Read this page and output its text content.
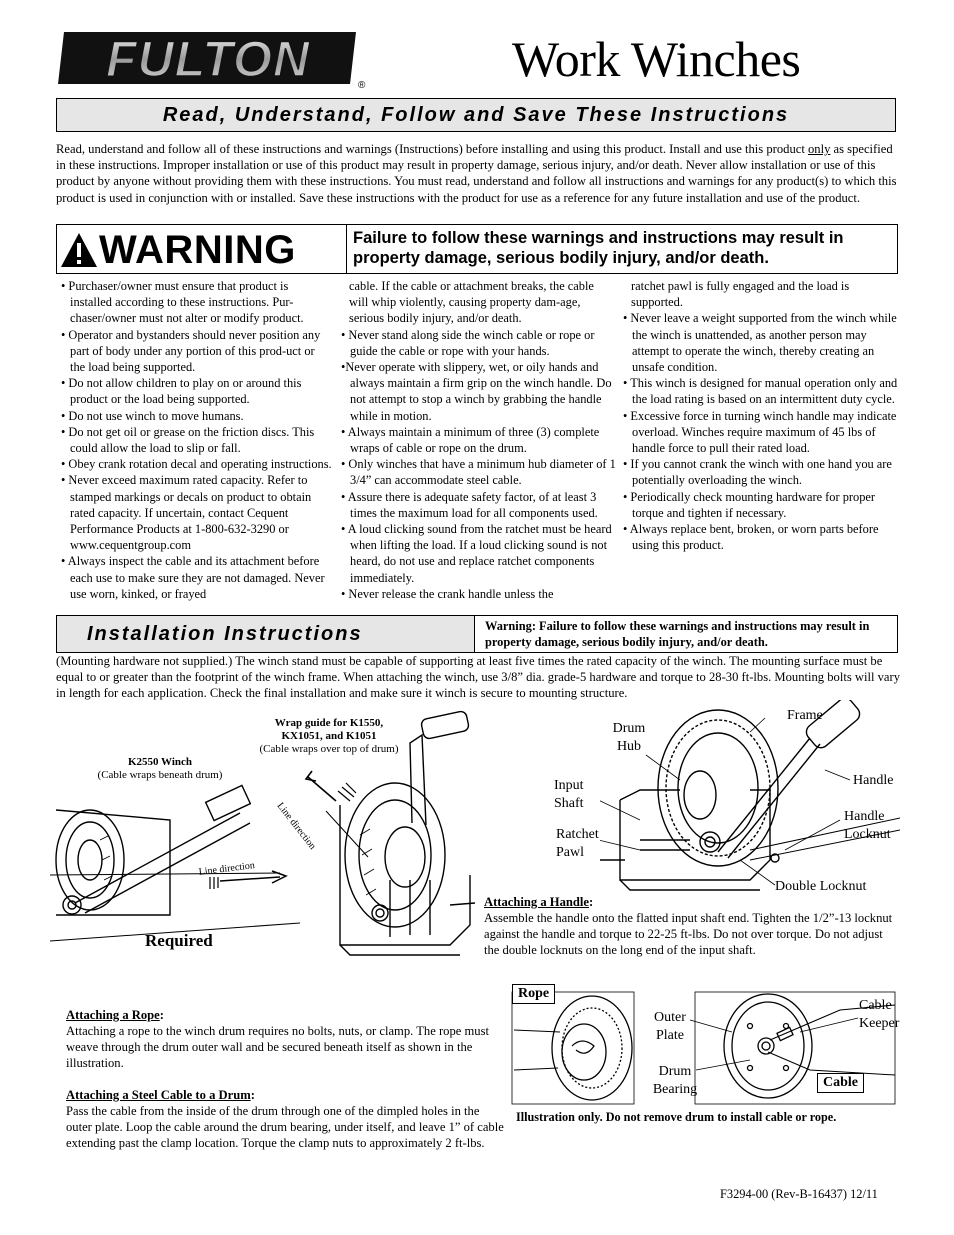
FULTON	®	Work Winches
Read, Understand, Follow and Save These Instructions
Read, understand and follow all of these instructions and warnings (Instructions) before installing and using this product. Install and use this product only as specified in these instructions. Improper installation or use of this product may result in property damage, serious injury, and/or death. Never allow installation or use of this product by anyone without providing them with these instructions. You must read, understand and follow all instructions and warnings for any product(s) to which this product is used in conjunction with or installed. Save these instructions with the product for use as a reference for any future installation and use of the product.
WARNING	Failure to follow these warnings and instructions may result in property damage, serious bodily injury, and/or death.

• Purchaser/owner must ensure that product is installed according to these instructions. Pur-chaser/owner must not alter or modify product.

• Operator and bystanders should never position any part of body under any portion of this prod-uct or the load being supported.

• Do not allow children to play on or around this product or the load being supported.

• Do not use winch to move humans.

• Do not get oil or grease on the friction discs. This could allow the load to slip or fall.

• Obey crank rotation decal and operating instructions.

• Never exceed maximum rated capacity. Refer to stamped markings or decals on product to obtain rated capacity. If uncertain, contact Cequent Performance Products at 1-800-632-3290 or www.cequentgroup.com

• Always inspect the cable and its attachment before each use to make sure they are not damaged. Never use worn, kinked, or frayed

cable. If the cable or attachment breaks, the cable will whip violently, causing property dam-age, serious bodily injury, and/or death.

• Never stand along side the winch cable or rope or guide the cable or rope with your hands.

•Never operate with slippery, wet, or oily hands and always maintain a firm grip on the winch handle. Do not attempt to stop a winch by grabbing the handle while in motion.

• Always maintain a minimum of three (3) complete wraps of cable or rope on the drum.

• Only winches that have a minimum hub diameter of 1 3/4” can accommodate steel cable.

• Assure there is adequate safety factor, of at least 3 times the maximum load for all components used.

• A loud clicking sound from the ratchet must be heard when lifting the load. If a loud clicking sound is not heard, do not use and replace ratchet components immediately.

• Never release the crank handle unless the

ratchet pawl is fully engaged and the load is supported.

• Never leave a weight supported from the winch while the winch is unattended, as another person may attempt to operate the winch, thereby creating an unsafe condition.

• This winch is designed for manual operation only and the load rating is based on an intermittent duty cycle.

• Excessive force in turning winch handle may indicate overload. Winches require maximum of 45 lbs of handle force to pull their rated load.

• If you cannot crank the winch with one hand you are potentially overloading the winch.

• Periodically check mounting hardware for proper torque and tighten if necessary.

• Always replace bent, broken, or worn parts before using this product.

Installation Instructions	Warning: Failure to follow these warnings and instructions may result in property damage, serious bodily injury, and/or death.
(Mounting hardware not supplied.) The winch stand must be capable of supporting at least five times the rated capacity of the winch. The mounting surface must be equal to or greater than the footprint of the winch frame. When attaching the winch, use 3/8” dia. grade-5 hardware and torque to 28-30 ft-lbs. Mounting bolts will vary in length for each application. Check the final installation and make sure it winch is secure to mounting structure.
K2550 Winch
(Cable wraps beneath drum)
Wrap guide for K1550,
KX1051, and K1051
(Cable wraps over top of drum)
Line direction
Line direction
Required
Drum
Hub
Frame
Handle
Input
Shaft
Ratchet
Pawl
Handle
Locknut
Double Locknut
Attaching a Handle:
Assemble the handle onto the flatted input shaft end. Tighten the 1/2”-13 locknut against the handle and torque to 22-25 ft-lbs. Do not over torque. Do not adjust the double locknuts on the long end of the input shaft.
Attaching a Rope:
Attaching a rope to the winch drum requires no bolts, nuts, or clamp. The rope must weave through the drum outer wall and be secured beneath itself as shown in the illustration.
Attaching a Steel Cable to a Drum:
Pass the cable from the inside of the drum through one of the dimpled holes in the outer plate. Loop the cable around the drum bearing, under itself, and leave 1” of cable extending past the clamp location. Torque the clamp nuts to approximately 2 ft-lbs.
Rope
Cable
Outer
Plate
Drum
Bearing
Cable
Keeper
Illustration only. Do not remove drum to install cable or rope.
F3294-00 (Rev-B-16437) 12/11
